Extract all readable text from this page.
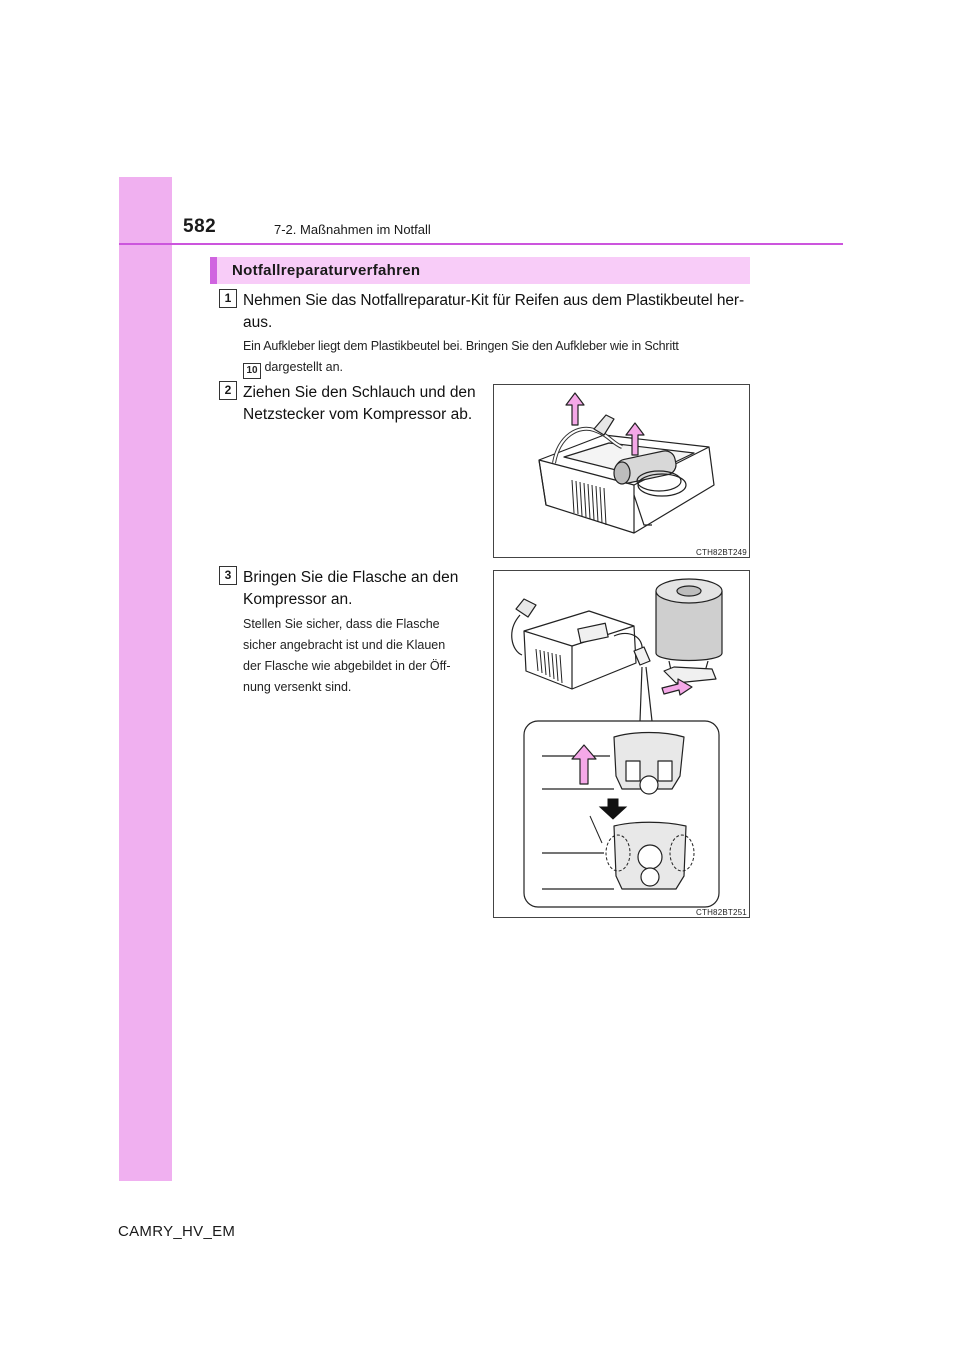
582	7-2. Maßnahmen im Notfall
Notfallreparaturverfahren
1 Nehmen Sie das Notfallreparatur-Kit für Reifen aus dem Plastikbeutel her-
aus.
Ein Aufkleber liegt dem Plastikbeutel bei. Bringen Sie den Aufkleber wie in Schritt
10 dargestellt an.
2 Ziehen Sie den Schlauch und den
Netzstecker vom Kompressor ab.
CTH82BT249
3 Bringen Sie die Flasche an den
Kompressor an.
Stellen Sie sicher, dass die Flasche
sicher angebracht ist und die Klauen
der Flasche wie abgebildet in der Öff-
nung versenkt sind.
CTH82BT251
CAMRY_HV_EM
